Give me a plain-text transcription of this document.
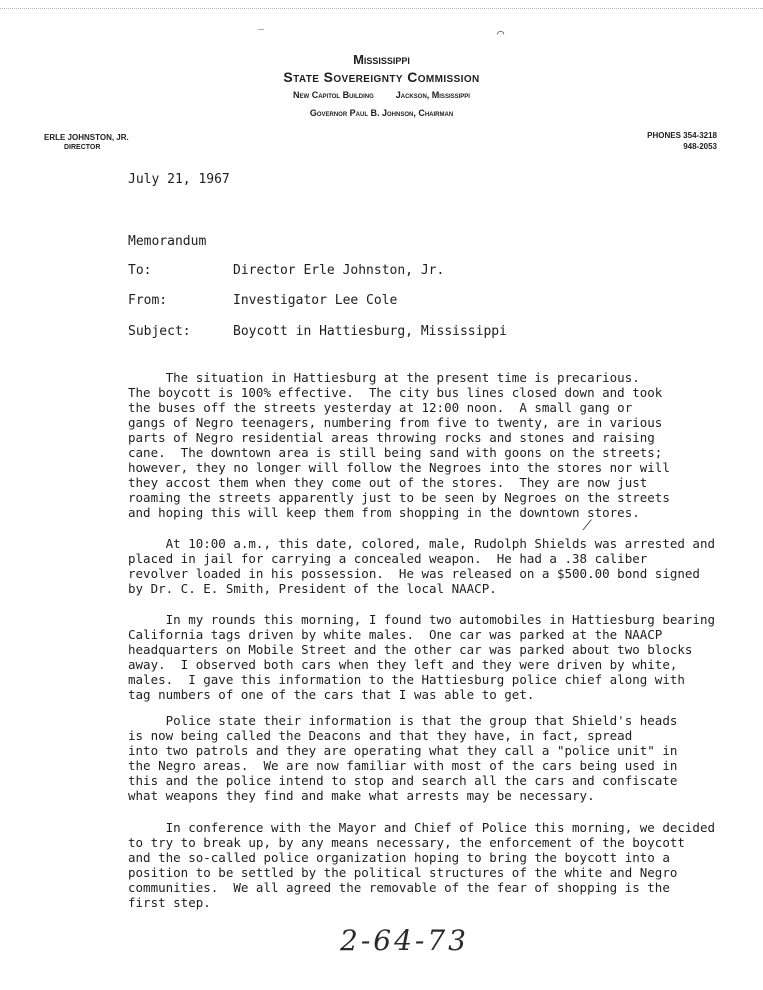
—	⌒
Mississippi
State Sovereignty Commission
New Capitol Building Jackson, Mississippi
Governor Paul B. Johnson, Chairman
ERLE JOHNSTON, JR.
DIRECTOR
PHONES 354-3218
948-2053
July 21, 1967
Memorandum
To:	Director Erle Johnston, Jr.
From:	Investigator Lee Cole
Subject:	Boycott in Hattiesburg, Mississippi
The situation in Hattiesburg at the present time is precarious.
The boycott is 100% effective.  The city bus lines closed down and took
the buses off the streets yesterday at 12:00 noon.  A small gang or
gangs of Negro teenagers, numbering from five to twenty, are in various
parts of Negro residential areas throwing rocks and stones and raising
cane.  The downtown area is still being sand with goons on the streets;
however, they no longer will follow the Negroes into the stores nor will
they accost them when they come out of the stores.  They are now just
roaming the streets apparently just to be seen by Negroes on the streets
and hoping this will keep them from shopping in the downtown stores.
⁄
At 10:00 a.m., this date, colored, male, Rudolph Shields was arrested and
placed in jail for carrying a concealed weapon.  He had a .38 caliber
revolver loaded in his possession.  He was released on a $500.00 bond signed
by Dr. C. E. Smith, President of the local NAACP.
In my rounds this morning, I found two automobiles in Hattiesburg bearing
California tags driven by white males.  One car was parked at the NAACP
headquarters on Mobile Street and the other car was parked about two blocks
away.  I observed both cars when they left and they were driven by white,
males.  I gave this information to the Hattiesburg police chief along with
tag numbers of one of the cars that I was able to get.
Police state their information is that the group that Shield's heads
is now being called the Deacons and that they have, in fact, spread
into two patrols and they are operating what they call a "police unit" in
the Negro areas.  We are now familiar with most of the cars being used in
this and the police intend to stop and search all the cars and confiscate
what weapons they find and make what arrests may be necessary.
In conference with the Mayor and Chief of Police this morning, we decided
to try to break up, by any means necessary, the enforcement of the boycott
and the so-called police organization hoping to bring the boycott into a
position to be settled by the political structures of the white and Negro
communities.  We all agreed the removable of the fear of shopping is the
first step.
2-64-73
